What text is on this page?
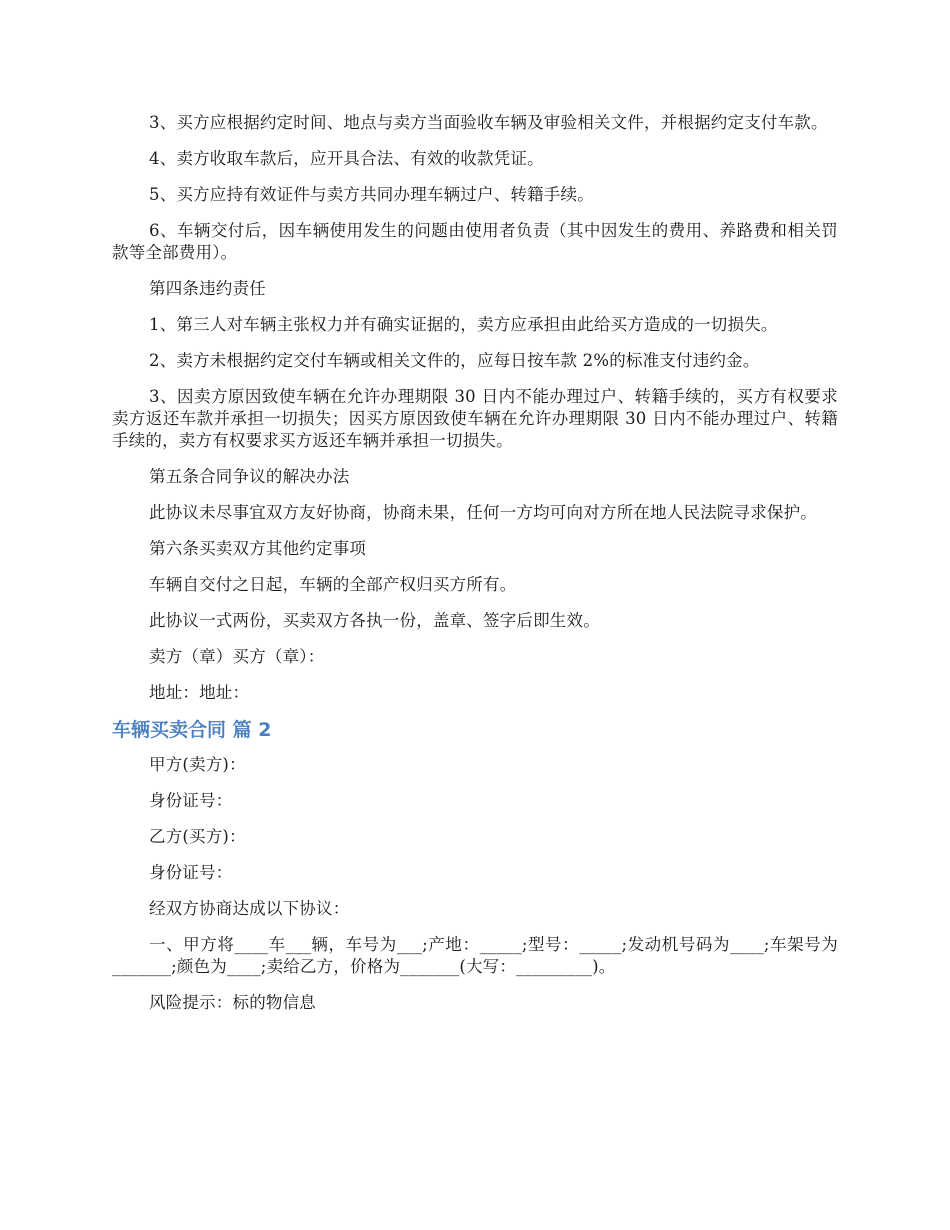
3、买方应根据约定时间、地点与卖方当面验收车辆及审验相关文件，并根据约定支付车款。

4、卖方收取车款后，应开具合法、有效的收款凭证。

5、买方应持有效证件与卖方共同办理车辆过户、转籍手续。

6、车辆交付后，因车辆使用发生的问题由使用者负责（其中因发生的费用、养路费和相关罚款等全部费用）。

第四条违约责任

1、第三人对车辆主张权力并有确实证据的，卖方应承担由此给买方造成的一切损失。

2、卖方未根据约定交付车辆或相关文件的，应每日按车款 2%的标准支付违约金。

3、因卖方原因致使车辆在允许办理期限 30 日内不能办理过户、转籍手续的，买方有权要求卖方返还车款并承担一切损失；因买方原因致使车辆在允许办理期限 30 日内不能办理过户、转籍手续的，卖方有权要求买方返还车辆并承担一切损失。

第五条合同争议的解决办法

此协议未尽事宜双方友好协商，协商未果，任何一方均可向对方所在地人民法院寻求保护。

第六条买卖双方其他约定事项

车辆自交付之日起，车辆的全部产权归买方所有。

此协议一式两份，买卖双方各执一份，盖章、签字后即生效。

卖方（章）买方（章）：

地址：地址：

车辆买卖合同 篇 2

甲方(卖方)：

身份证号：

乙方(买方)：

身份证号：

经双方协商达成以下协议：

一、甲方将____车___辆，车号为___;产地：_____;型号：_____;发动机号码为____;车架号为_______;颜色为____;卖给乙方，价格为_______(大写：_________)。

风险提示：标的物信息
